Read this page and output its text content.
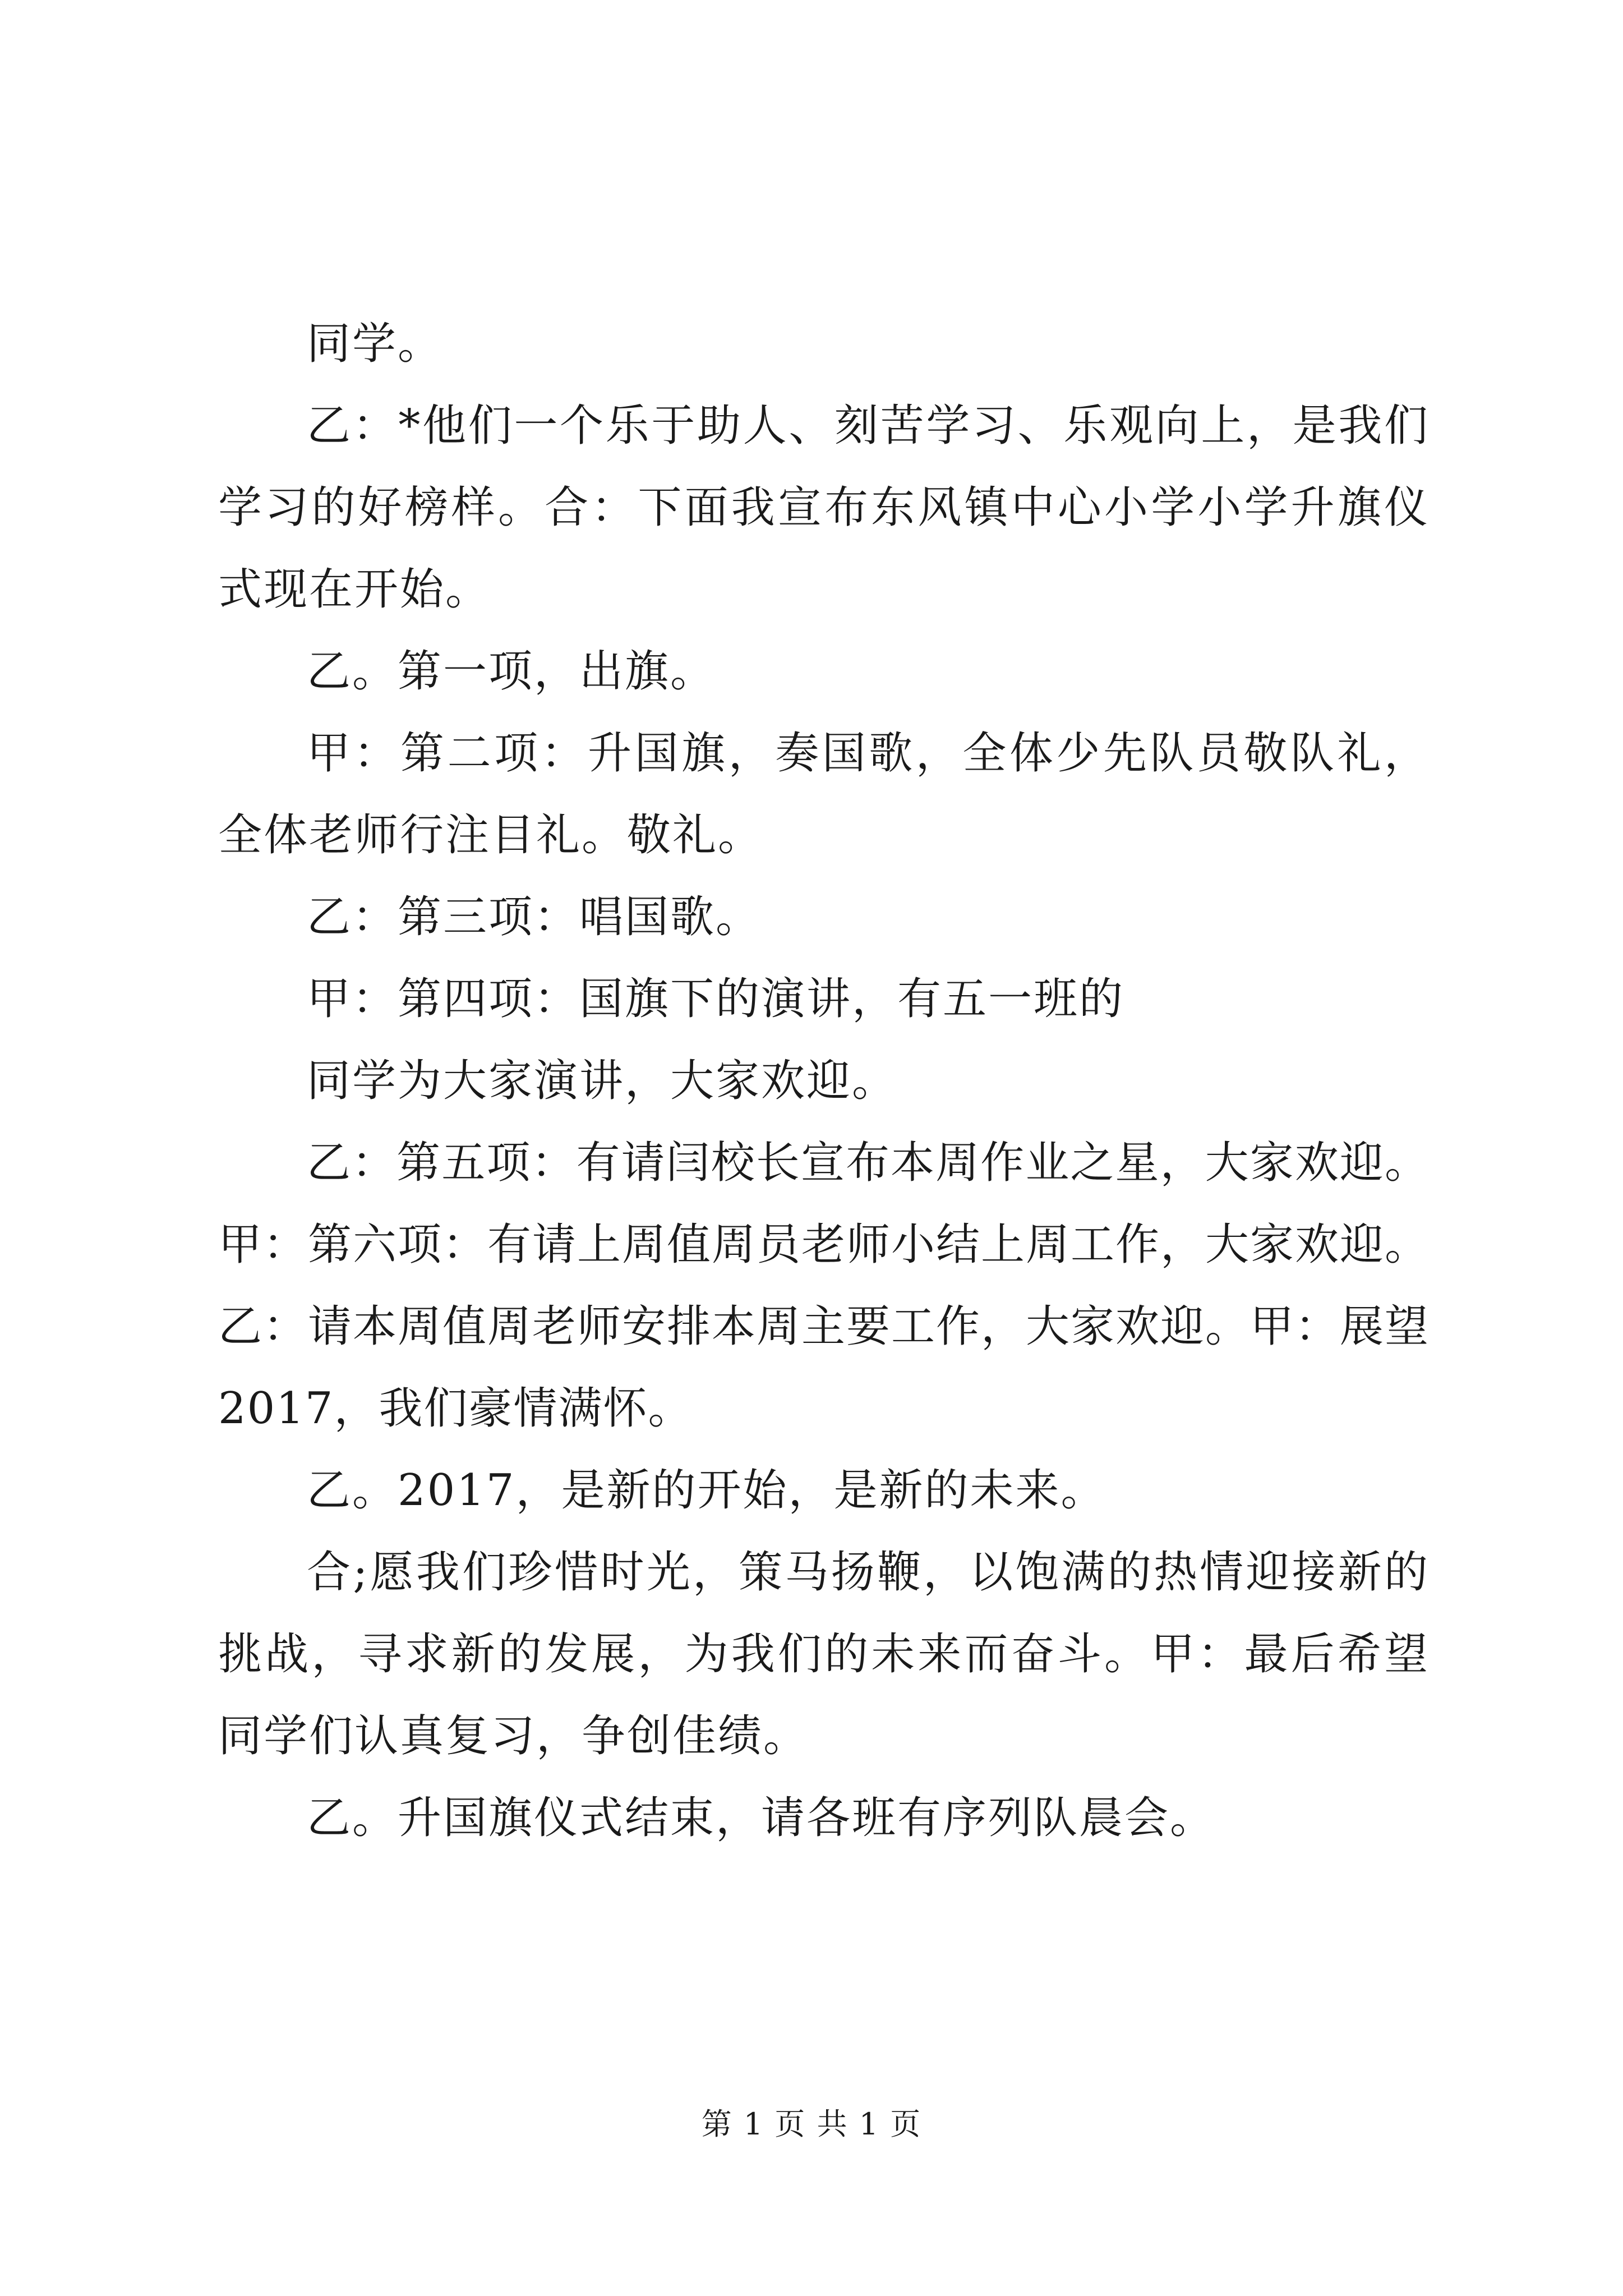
同学。

乙：*他们一个乐于助人、刻苦学习、乐观向上，是我们学习的好榜样。合：下面我宣布东风镇中心小学小学升旗仪式现在开始。

乙。第一项，出旗。

甲：第二项：升国旗，奏国歌，全体少先队员敬队礼，全体老师行注目礼。敬礼。

乙：第三项：唱国歌。

甲：第四项：国旗下的演讲，有五一班的

同学为大家演讲，大家欢迎。

乙：第五项：有请闫校长宣布本周作业之星，大家欢迎。甲：第六项：有请上周值周员老师小结上周工作，大家欢迎。乙：请本周值周老师安排本周主要工作，大家欢迎。甲：展望2017，我们豪情满怀。

乙。2017，是新的开始，是新的未来。

合;愿我们珍惜时光，策马扬鞭，以饱满的热情迎接新的挑战，寻求新的发展，为我们的未来而奋斗。甲：最后希望同学们认真复习，争创佳绩。

乙。升国旗仪式结束，请各班有序列队晨会。

第 1 页 共 1 页
